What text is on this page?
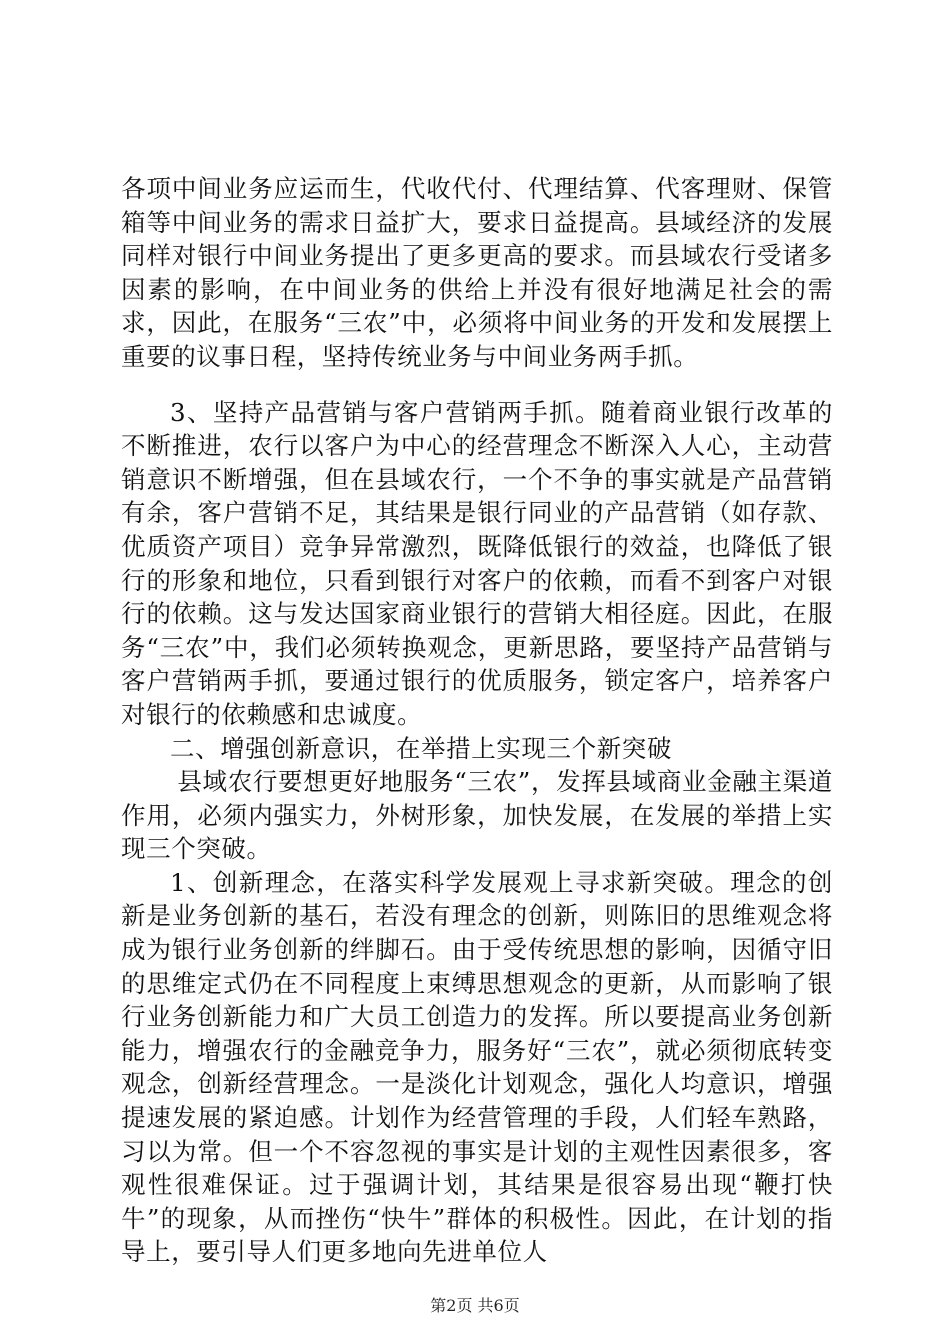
各项中间业务应运而生，代收代付、代理结算、代客理财、保管箱等中间业务的需求日益扩大，要求日益提高。县域经济的发展同样对银行中间业务提出了更多更高的要求。而县域农行受诸多因素的影响，在中间业务的供给上并没有很好地满足社会的需求，因此，在服务“三农”中，必须将中间业务的开发和发展摆上重要的议事日程，坚持传统业务与中间业务两手抓。

3、坚持产品营销与客户营销两手抓。随着商业银行改革的不断推进，农行以客户为中心的经营理念不断深入人心，主动营销意识不断增强，但在县域农行，一个不争的事实就是产品营销有余，客户营销不足，其结果是银行同业的产品营销（如存款、优质资产项目）竞争异常激烈，既降低银行的效益，也降低了银行的形象和地位，只看到银行对客户的依赖，而看不到客户对银行的依赖。这与发达国家商业银行的营销大相径庭。因此，在服务“三农”中，我们必须转换观念，更新思路，要坚持产品营销与客户营销两手抓，要通过银行的优质服务，锁定客户，培养客户对银行的依赖感和忠诚度。

二、增强创新意识，在举措上实现三个新突破

县域农行要想更好地服务“三农”，发挥县域商业金融主渠道作用，必须内强实力，外树形象，加快发展，在发展的举措上实现三个突破。

1、创新理念，在落实科学发展观上寻求新突破。理念的创新是业务创新的基石，若没有理念的创新，则陈旧的思维观念将成为银行业务创新的绊脚石。由于受传统思想的影响，因循守旧的思维定式仍在不同程度上束缚思想观念的更新，从而影响了银行业务创新能力和广大员工创造力的发挥。所以要提高业务创新能力，增强农行的金融竞争力，服务好“三农”，就必须彻底转变观念，创新经营理念。一是淡化计划观念，强化人均意识，增强提速发展的紧迫感。计划作为经营管理的手段，人们轻车熟路，习以为常。但一个不容忽视的事实是计划的主观性因素很多，客观性很难保证。过于强调计划，其结果是很容易出现“鞭打快牛”的现象，从而挫伤“快牛”群体的积极性。因此，在计划的指导上，要引导人们更多地向先进单位人

第2页 共6页
